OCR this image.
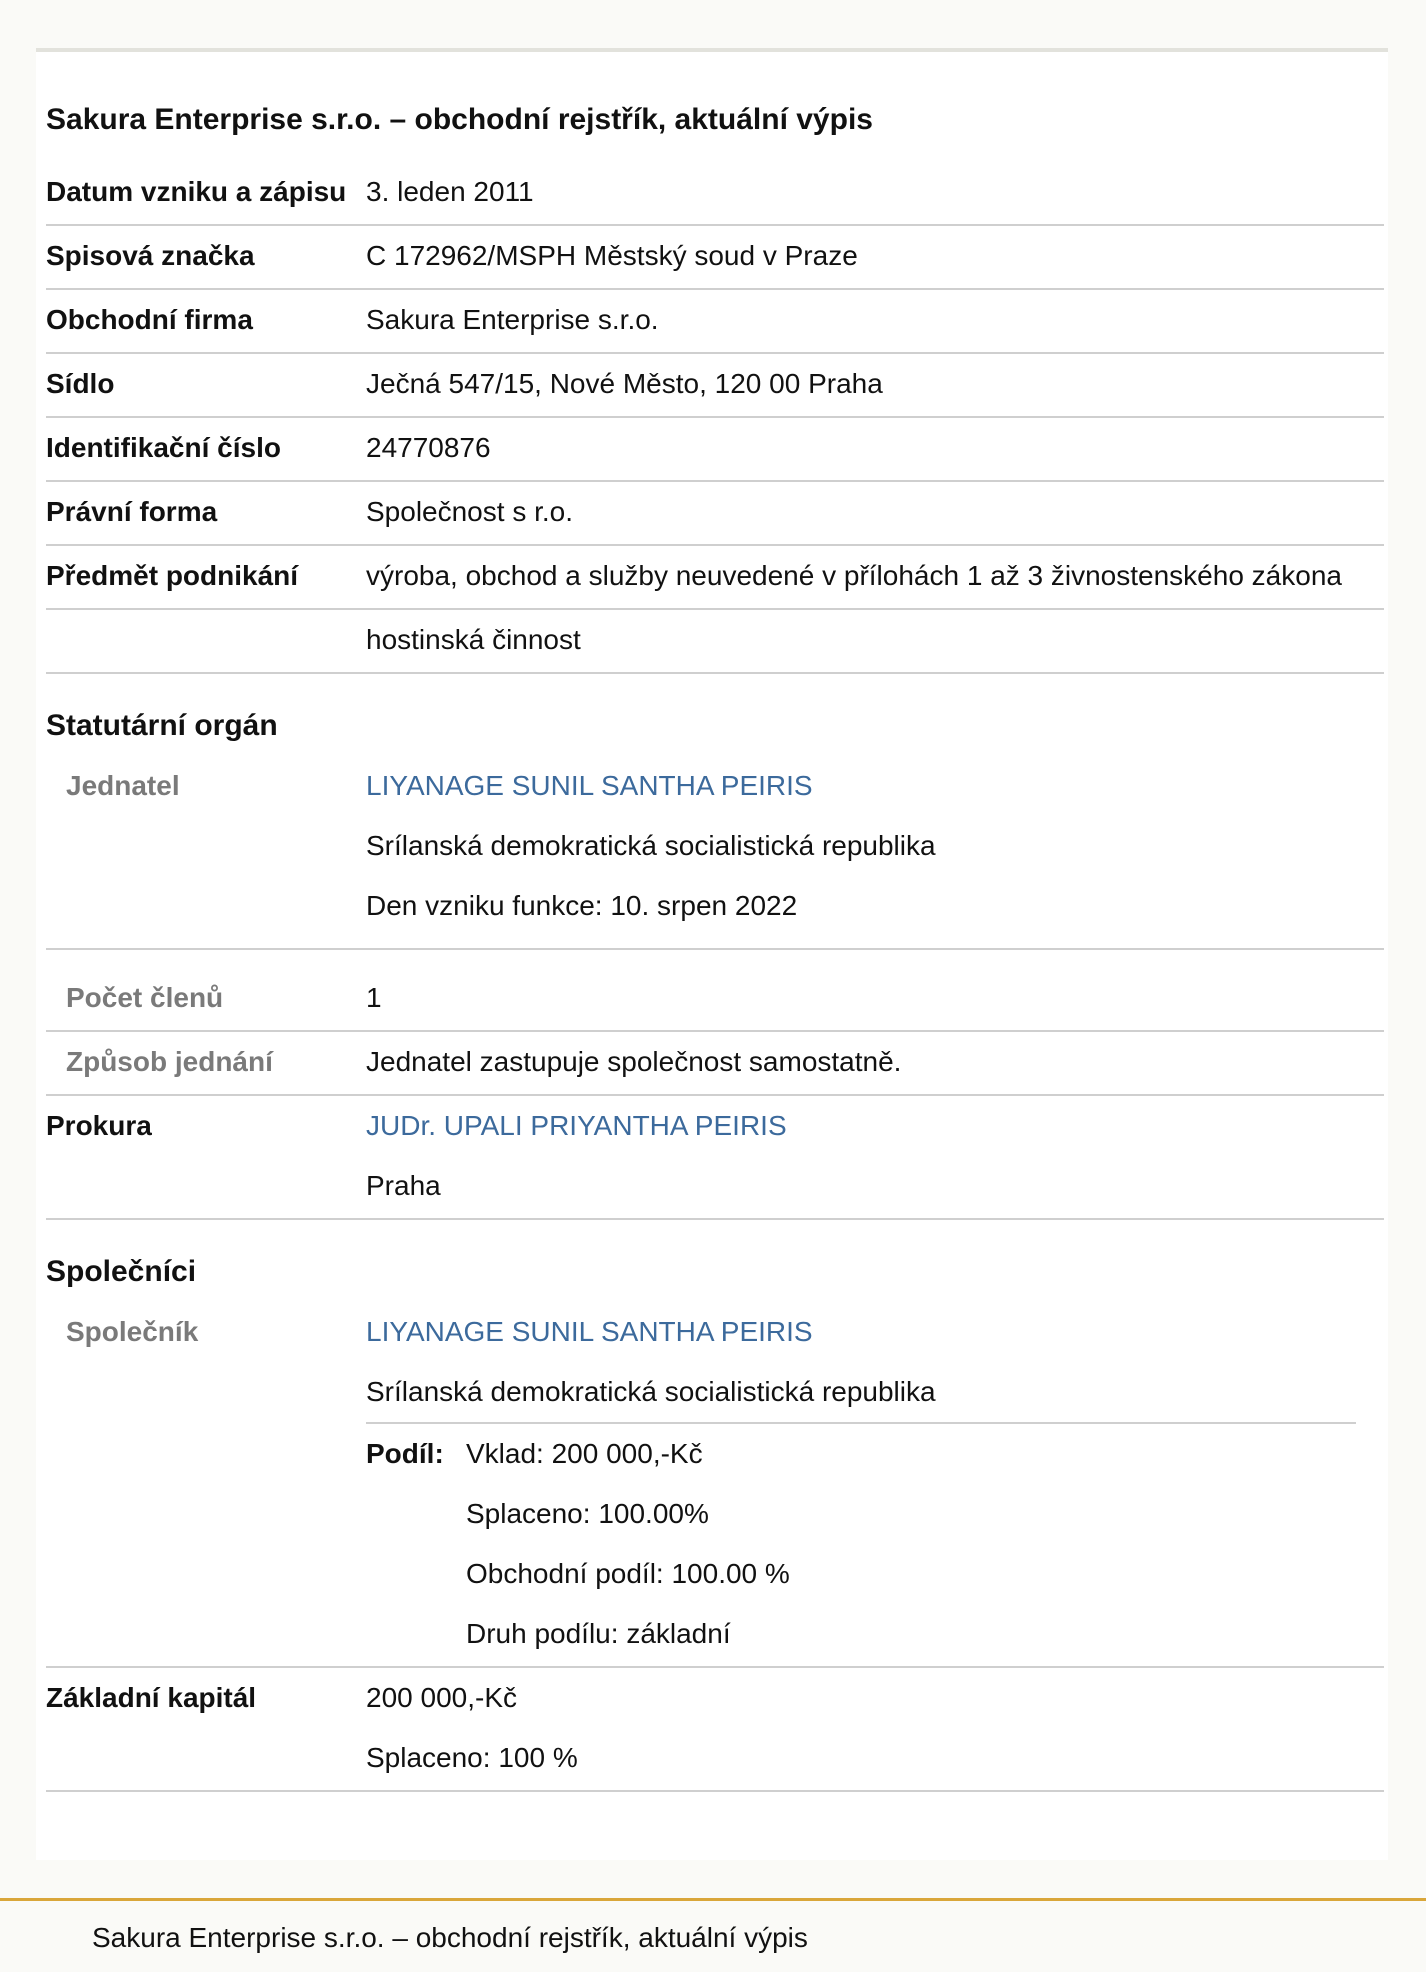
Sakura Enterprise s.r.o. – obchodní rejstřík, aktuální výpis
Datum vzniku a zápisu 3. leden 2011
Spisová značka	C 172962/MSPH Městský soud v Praze
Obchodní firma	Sakura Enterprise s.r.o.
Sídlo	Ječná 547/15, Nové Město, 120 00 Praha
Identifikační číslo	24770876
Právní forma	Společnost s r.o.
Předmět podnikání	výroba, obchod a služby neuvedené v přílohách 1 až 3 živnostenského zákona
hostinská činnost
Statutární orgán
Jednatel	LIYANAGE SUNIL SANTHA PEIRIS
Srílanská demokratická socialistická republika
Den vzniku funkce: 10. srpen 2022
Počet členů	1
Způsob jednání	Jednatel zastupuje společnost samostatně.
Prokura	JUDr. UPALI PRIYANTHA PEIRIS
Praha
Společníci
Společník	LIYANAGE SUNIL SANTHA PEIRIS
Srílanská demokratická socialistická republika
Podíl: Vklad: 200 000,-Kč
Splaceno: 100.00%
Obchodní podíl: 100.00 %
Druh podílu: základní
Základní kapitál	200 000,-Kč
Splaceno: 100 %
Sakura Enterprise s.r.o. – obchodní rejstřík, aktuální výpis
